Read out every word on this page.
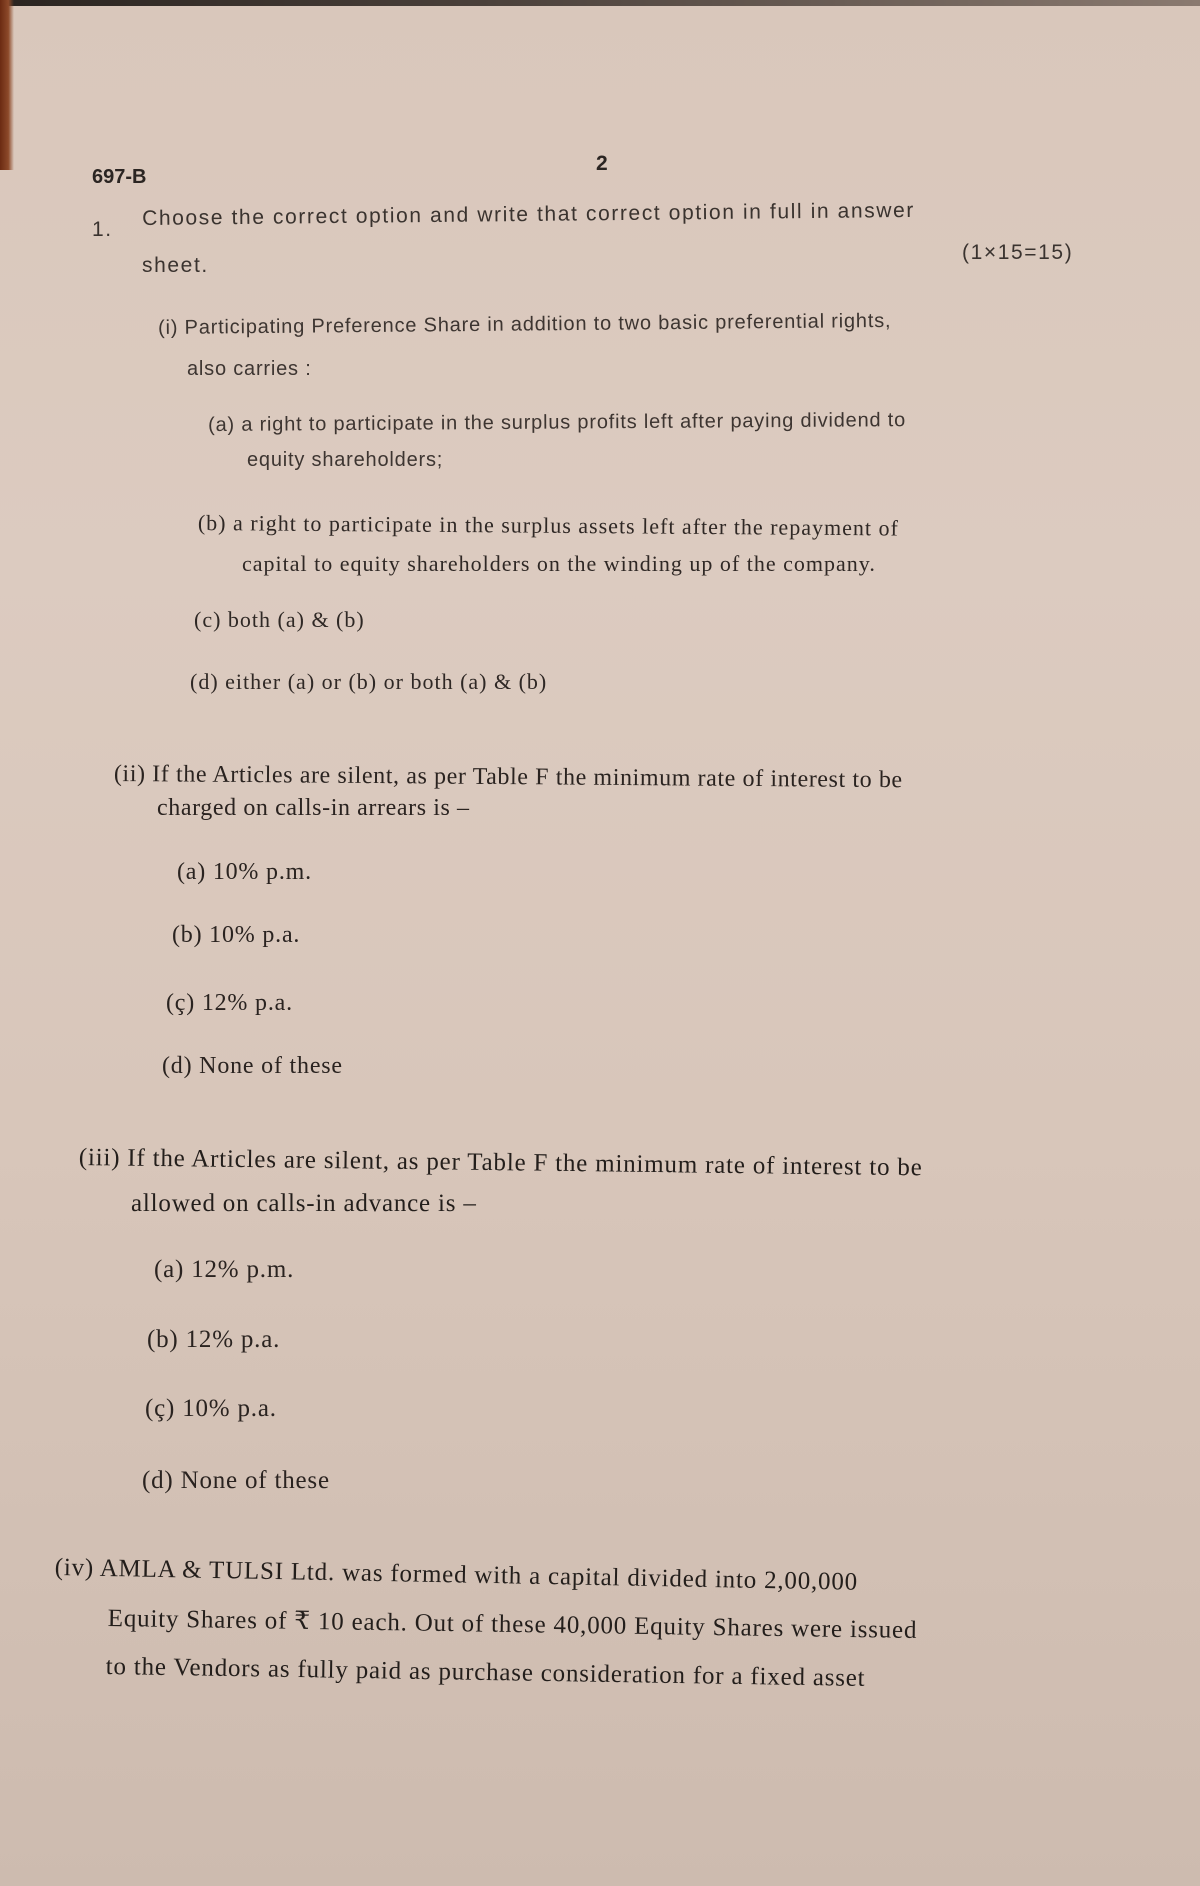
697-B
2
1. Choose the correct option and write that correct option in full in answer
sheet.
(1×15=15)
(i) Participating Preference Share in addition to two basic preferential rights,
also carries :
(a) a right to participate in the surplus profits left after paying dividend to
equity shareholders;
(b) a right to participate in the surplus assets left after the repayment of
capital to equity shareholders on the winding up of the company.
(c) both (a) & (b)
(d) either (a) or (b) or both (a) & (b)
(ii) If the Articles are silent, as per Table F the minimum rate of interest to be
charged on calls-in arrears is –
(a) 10% p.m.
(b) 10% p.a.
(ç) 12% p.a.
(d) None of these
(iii) If the Articles are silent, as per Table F the minimum rate of interest to be
allowed on calls-in advance is –
(a) 12% p.m.
(b) 12% p.a.
(ç) 10% p.a.
(d) None of these
(iv) AMLA & TULSI Ltd. was formed with a capital divided into 2,00,000
Equity Shares of ₹ 10 each. Out of these 40,000 Equity Shares were issued
to the Vendors as fully paid as purchase consideration for a fixed asset
